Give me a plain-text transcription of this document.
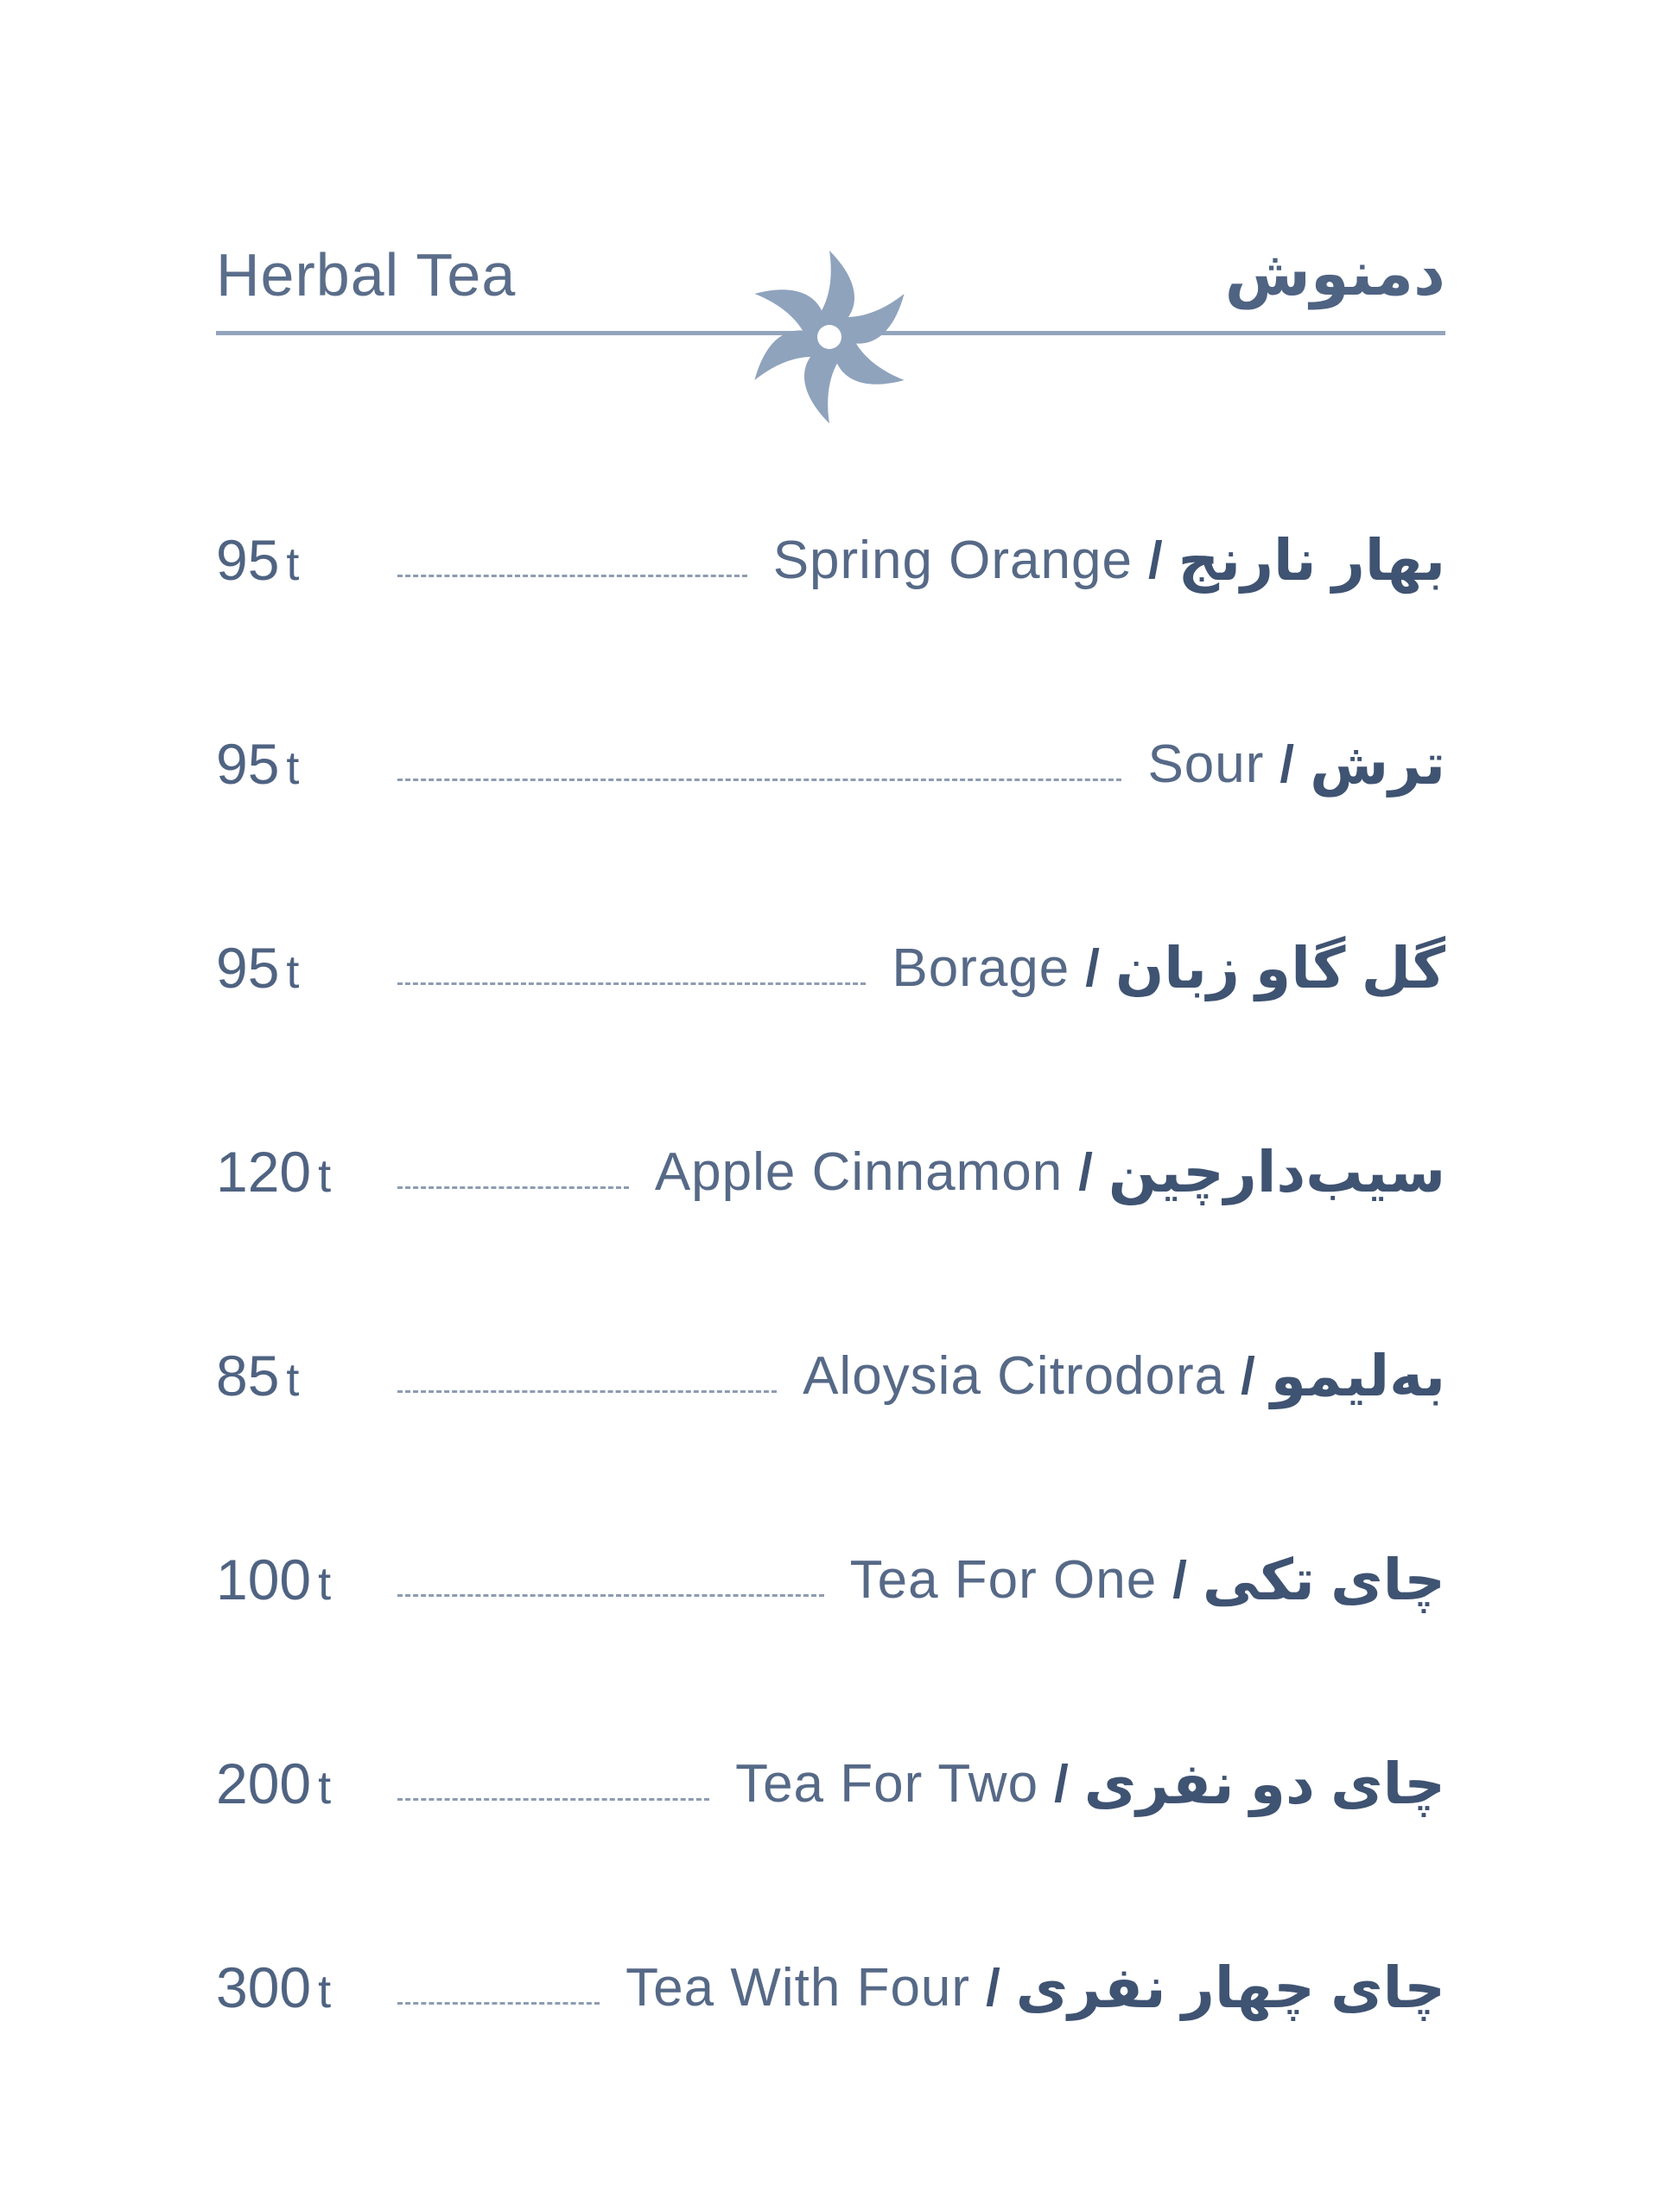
Herbal Tea	دمنوش
95 t	Spring Orange / بهار نارنج
95 t	Sour / ترش
95 t	Borage / گل گاو زبان
120 t	Apple Cinnamon / سیب‌دارچین
85 t	Aloysia Citrodora / به‌لیمو
100 t	Tea For One / چای تکی
200 t	Tea For Two / چای دو نفری
300 t	Tea With Four / چای چهار نفری
